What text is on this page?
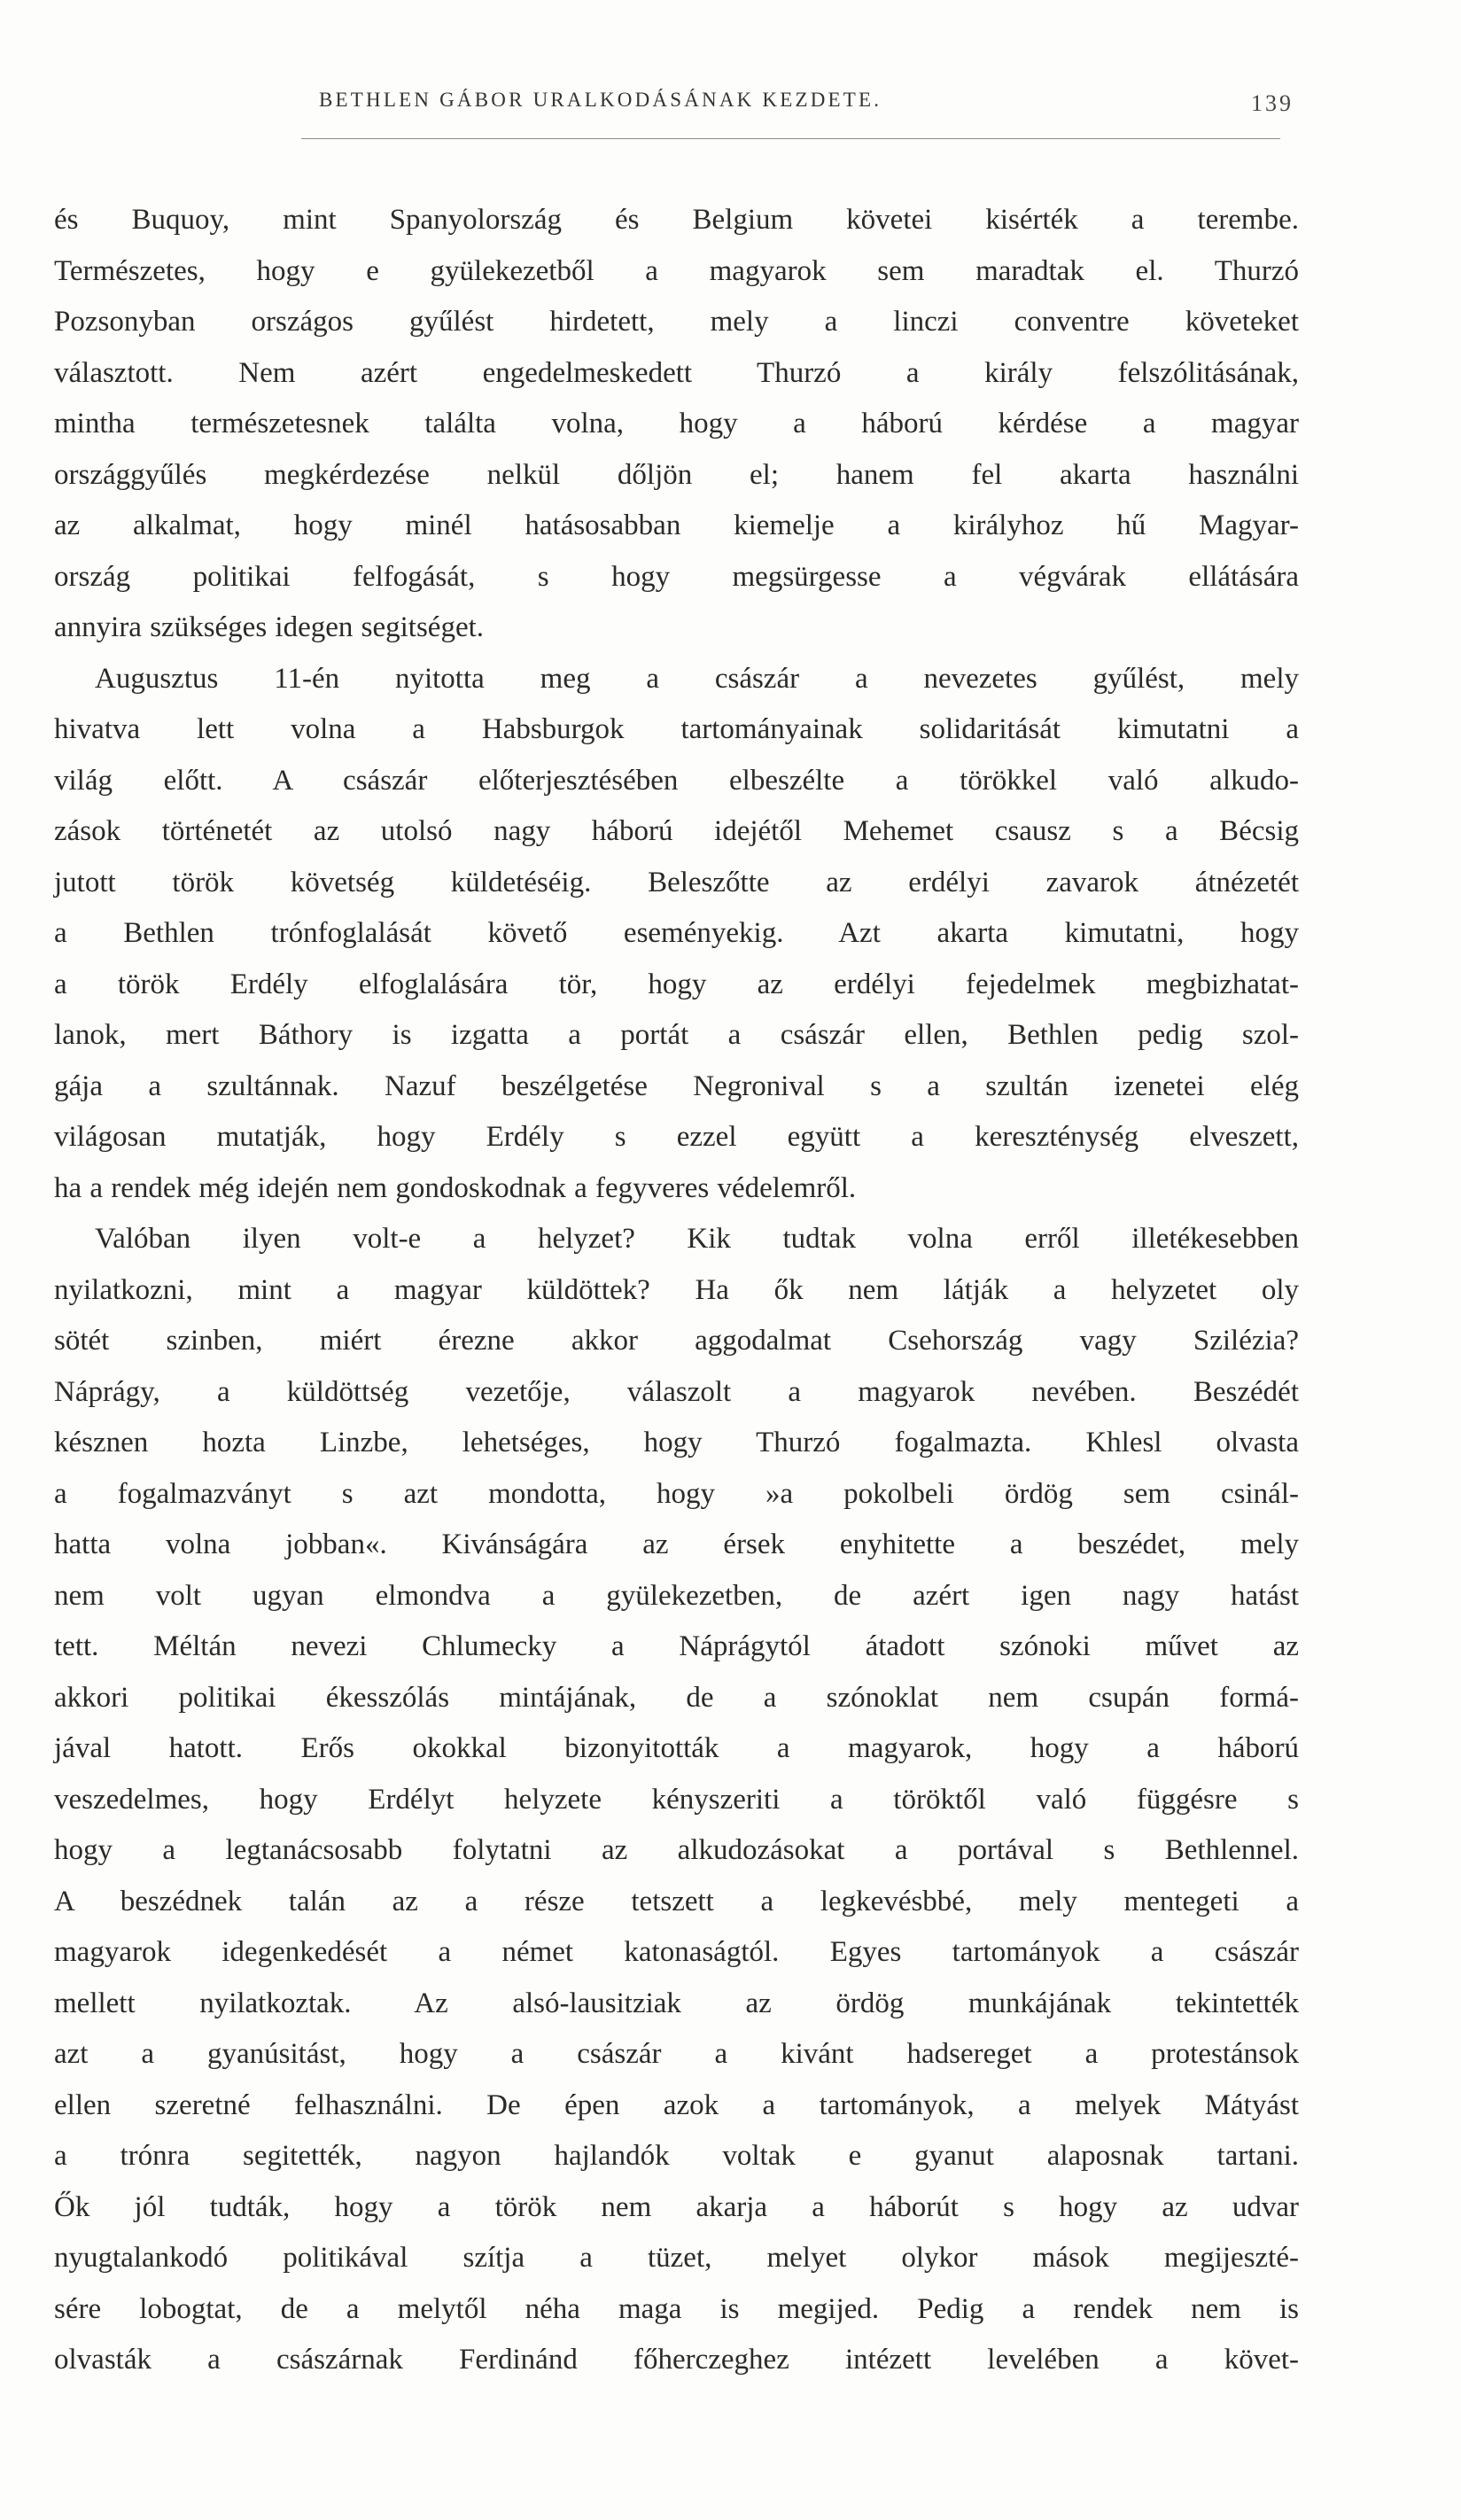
BETHLEN GÁBOR URALKODÁSÁNAK KEZDETE.	139
és Buquoy, mint Spanyolország és Belgium követei kisérték a terembe.
Természetes, hogy e gyülekezetből a magyarok sem maradtak el. Thurzó
Pozsonyban országos gyűlést hirdetett, mely a linczi conventre követeket
választott. Nem azért engedelmeskedett Thurzó a király felszólitásának,
mintha természetesnek találta volna, hogy a háború kérdése a magyar
országgyűlés megkérdezése nelkül dőljön el; hanem fel akarta használni
az alkalmat, hogy minél hatásosabban kiemelje a királyhoz hű Magyar-
ország politikai felfogását, s hogy megsürgesse a végvárak ellátására
annyira szükséges idegen segitséget.
Augusztus 11-én nyitotta meg a császár a nevezetes gyűlést, mely
hivatva lett volna a Habsburgok tartományainak solidaritását kimutatni a
világ előtt. A császár előterjesztésében elbeszélte a törökkel való alkudo-
zások történetét az utolsó nagy háború idejétől Mehemet csausz s a Bécsig
jutott török követség küldetéséig. Beleszőtte az erdélyi zavarok átnézetét
a Bethlen trónfoglalását követő eseményekig. Azt akarta kimutatni, hogy
a török Erdély elfoglalására tör, hogy az erdélyi fejedelmek megbizhatat-
lanok, mert Báthory is izgatta a portát a császár ellen, Bethlen pedig szol-
gája a szultánnak. Nazuf beszélgetése Negronival s a szultán izenetei elég
világosan mutatják, hogy Erdély s ezzel együtt a kereszténység elveszett,
ha a rendek még idején nem gondoskodnak a fegyveres védelemről.
Valóban ilyen volt-e a helyzet? Kik tudtak volna erről illetékesebben
nyilatkozni, mint a magyar küldöttek? Ha ők nem látják a helyzetet oly
sötét szinben, miért érezne akkor aggodalmat Csehország vagy Szilézia?
Náprágy, a küldöttség vezetője, válaszolt a magyarok nevében. Beszédét
késznen hozta Linzbe, lehetséges, hogy Thurzó fogalmazta. Khlesl olvasta
a fogalmazványt s azt mondotta, hogy »a pokolbeli ördög sem csinál-
hatta volna jobban«. Kivánságára az érsek enyhitette a beszédet, mely
nem volt ugyan elmondva a gyülekezetben, de azért igen nagy hatást
tett. Méltán nevezi Chlumecky a Náprágytól átadott szónoki művet az
akkori politikai ékesszólás mintájának, de a szónoklat nem csupán formá-
jával hatott. Erős okokkal bizonyitották a magyarok, hogy a háború
veszedelmes, hogy Erdélyt helyzete kényszeriti a töröktől való függésre s
hogy a legtanácsosabb folytatni az alkudozásokat a portával s Bethlennel.
A beszédnek talán az a része tetszett a legkevésbbé, mely mentegeti a
magyarok idegenkedését a német katonaságtól. Egyes tartományok a császár
mellett nyilatkoztak. Az alsó-lausitziak az ördög munkájának tekintették
azt a gyanúsitást, hogy a császár a kivánt hadsereget a protestánsok
ellen szeretné felhasználni. De épen azok a tartományok, a melyek Mátyást
a trónra segitették, nagyon hajlandók voltak e gyanut alaposnak tartani.
Ők jól tudták, hogy a török nem akarja a háborút s hogy az udvar
nyugtalankodó politikával szítja a tüzet, melyet olykor mások megijeszté-
sére lobogtat, de a melytől néha maga is megijed. Pedig a rendek nem is
olvasták a császárnak Ferdinánd főherczeghez intézett levelében a követ-
